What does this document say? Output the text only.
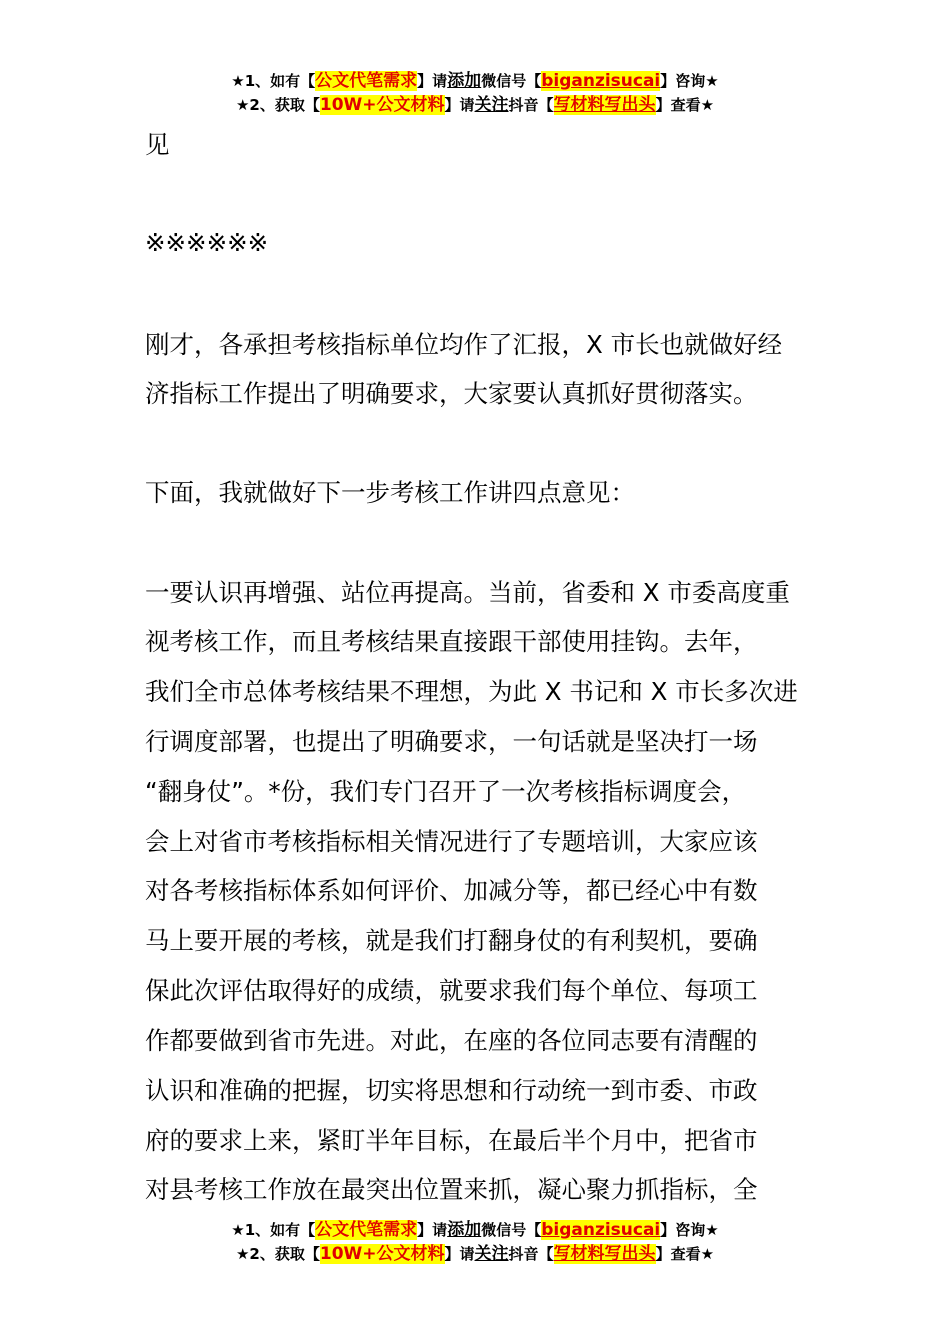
★1、如有【公文代笔需求】请添加微信号【biganzisucai】咨询★
★2、获取【10W+公文材料】请关注抖音【写材料写出头】查看★
见
※※※※※※
刚才，各承担考核指标单位均作了汇报，X 市长也就做好经
济指标工作提出了明确要求，大家要认真抓好贯彻落实。
下面，我就做好下一步考核工作讲四点意见：
一要认识再增强、站位再提高。当前，省委和 X 市委高度重
视考核工作，而且考核结果直接跟干部使用挂钩。去年，
我们全市总体考核结果不理想，为此 X 书记和 X 市长多次进
行调度部署，也提出了明确要求，一句话就是坚决打一场
“翻身仗”。*份，我们专门召开了一次考核指标调度会，
会上对省市考核指标相关情况进行了专题培训，大家应该
对各考核指标体系如何评价、加减分等，都已经心中有数
马上要开展的考核，就是我们打翻身仗的有利契机，要确
保此次评估取得好的成绩，就要求我们每个单位、每项工
作都要做到省市先进。对此，在座的各位同志要有清醒的
认识和准确的把握，切实将思想和行动统一到市委、市政
府的要求上来，紧盯半年目标，在最后半个月中，把省市
对县考核工作放在最突出位置来抓，凝心聚力抓指标，全
★1、如有【公文代笔需求】请添加微信号【biganzisucai】咨询★
★2、获取【10W+公文材料】请关注抖音【写材料写出头】查看★
